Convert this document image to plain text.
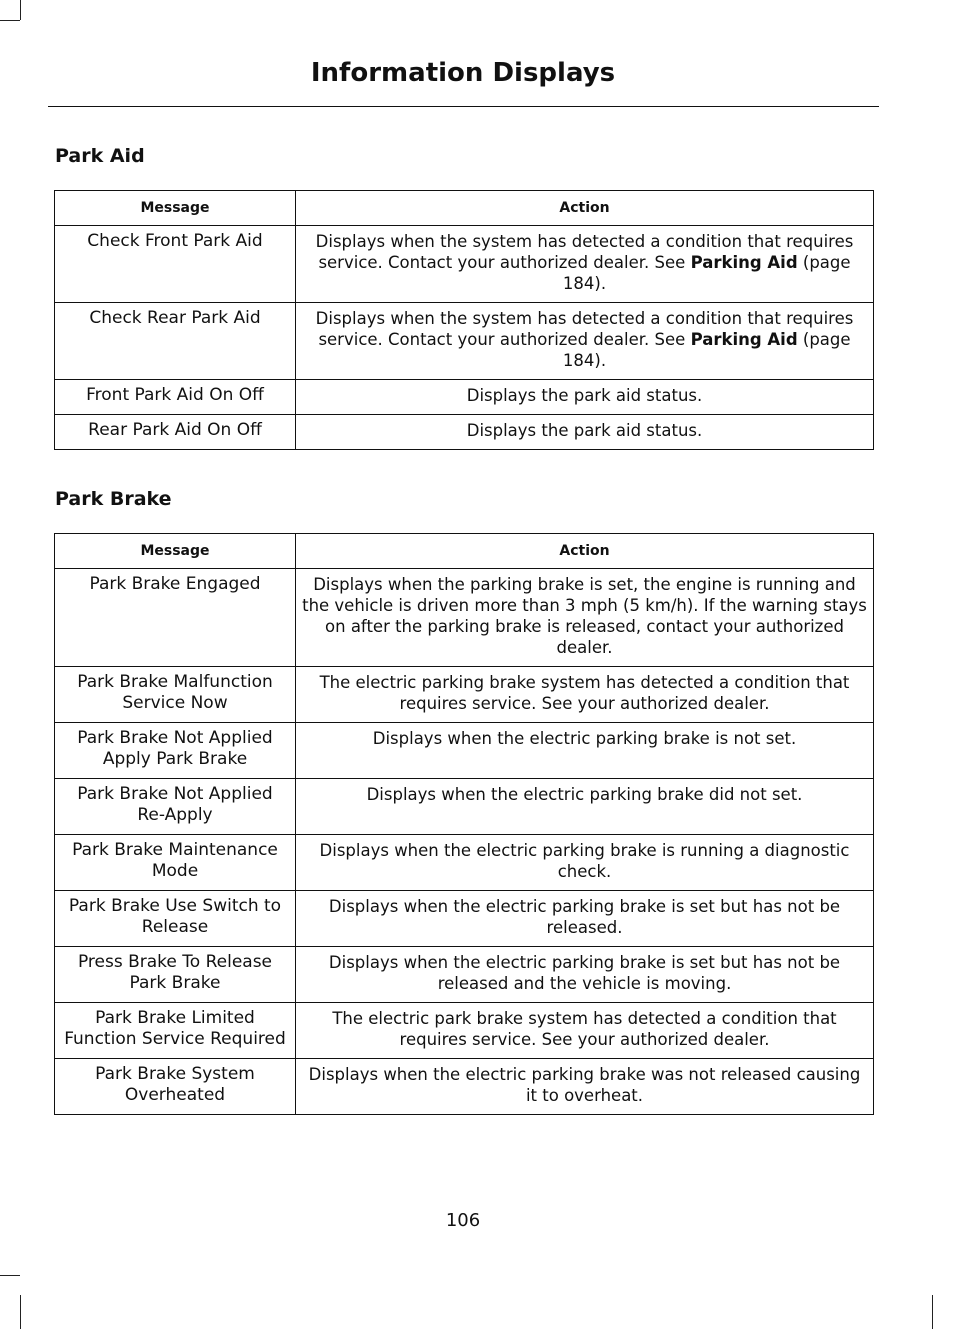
Information Displays
Park Aid
Message	Action
Check Front Park Aid	Displays when the system has detected a condition that requires service. Contact your authorized dealer. See Parking Aid (page 184).
Check Rear Park Aid	Displays when the system has detected a condition that requires service. Contact your authorized dealer. See Parking Aid (page 184).
Front Park Aid On Off	Displays the park aid status.
Rear Park Aid On Off	Displays the park aid status.
Park Brake
Message	Action
Park Brake Engaged	Displays when the parking brake is set, the engine is running and the vehicle is driven more than 3 mph (5 km/h). If the warning stays on after the parking brake is released, contact your authorized dealer.
Park Brake Malfunction Service Now	The electric parking brake system has detected a condition that requires service. See your authorized dealer.
Park Brake Not Applied Apply Park Brake	Displays when the electric parking brake is not set.
Park Brake Not Applied Re-Apply	Displays when the electric parking brake did not set.
Park Brake Maintenance Mode	Displays when the electric parking brake is running a diagnostic check.
Park Brake Use Switch to Release	Displays when the electric parking brake is set but has not be released.
Press Brake To Release Park Brake	Displays when the electric parking brake is set but has not be released and the vehicle is moving.
Park Brake Limited Function Service Required	The electric park brake system has detected a condition that requires service. See your authorized dealer.
Park Brake System Overheated	Displays when the electric parking brake was not released causing it to overheat.
106
